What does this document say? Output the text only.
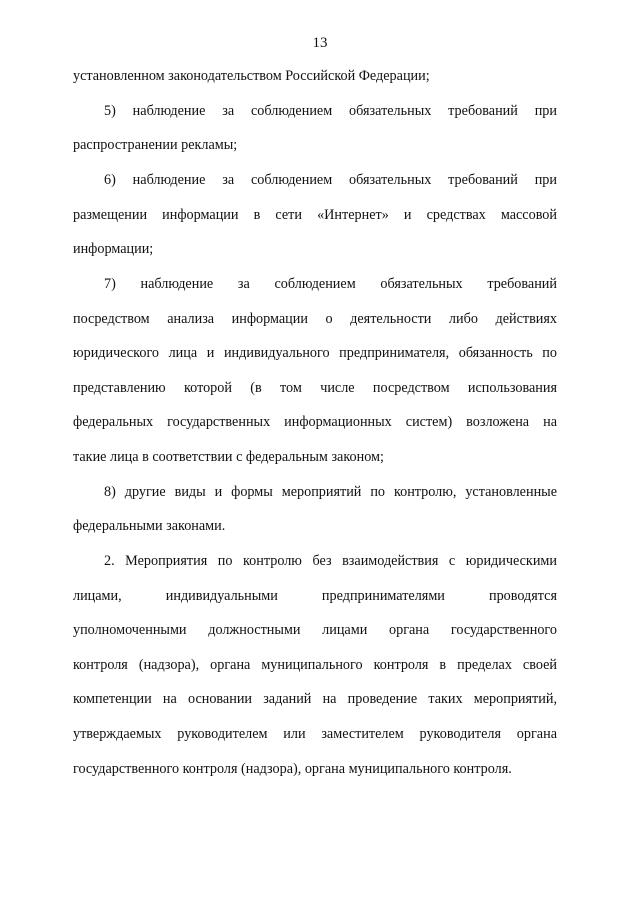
13
установленном законодательством Российской Федерации;
5) наблюдение за соблюдением обязательных требований при
распространении рекламы;
6) наблюдение за соблюдением обязательных требований при
размещении информации в сети «Интернет» и средствах массовой
информации;
7) наблюдение за соблюдением обязательных требований
посредством анализа информации о деятельности либо действиях
юридического лица и индивидуального предпринимателя, обязанность по
представлению которой (в том числе посредством использования
федеральных государственных информационных систем) возложена на
такие лица в соответствии с федеральным законом;
8) другие виды и формы мероприятий по контролю, установленные
федеральными законами.
2. Мероприятия по контролю без взаимодействия с юридическими
лицами, индивидуальными предпринимателями проводятся
уполномоченными должностными лицами органа государственного
контроля (надзора), органа муниципального контроля в пределах своей
компетенции на основании заданий на проведение таких мероприятий,
утверждаемых руководителем или заместителем руководителя органа
государственного контроля (надзора), органа муниципального контроля.
